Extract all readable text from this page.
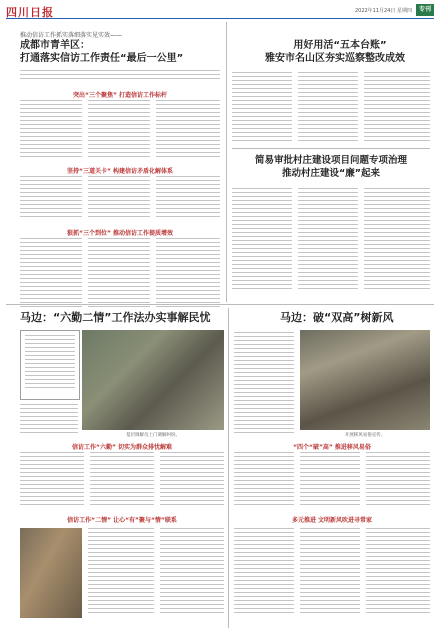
四川日报	2022年11月24日 星期四	专刊
推动信访工作抓实落细落实见实效——
成都市青羊区：
打通落实信访工作责任“最后一公里”
突出“三个聚焦” 打造信访工作标杆
坚持“三道关卡” 构建信访矛盾化解体系
狠抓“三个到位” 推动信访工作提质增效
用好用活“五本台账”
雅安市名山区夯实巡察整改成效
简易审批村庄建设项目问题专项治理
推动村庄建设“廉”起来
马边：“六勤二情”工作法办实事解民忧
基层调解员上门调解纠纷。
信访工作“六勤” 切实为群众排忧解难
信访工作“二情” 让心“有”聚与“情”联系
马边：破“双高”树新风
开展移风易俗宣传。
“四个“破”高” 推进移风易俗
多元推进 文明新风吹进寻常家
